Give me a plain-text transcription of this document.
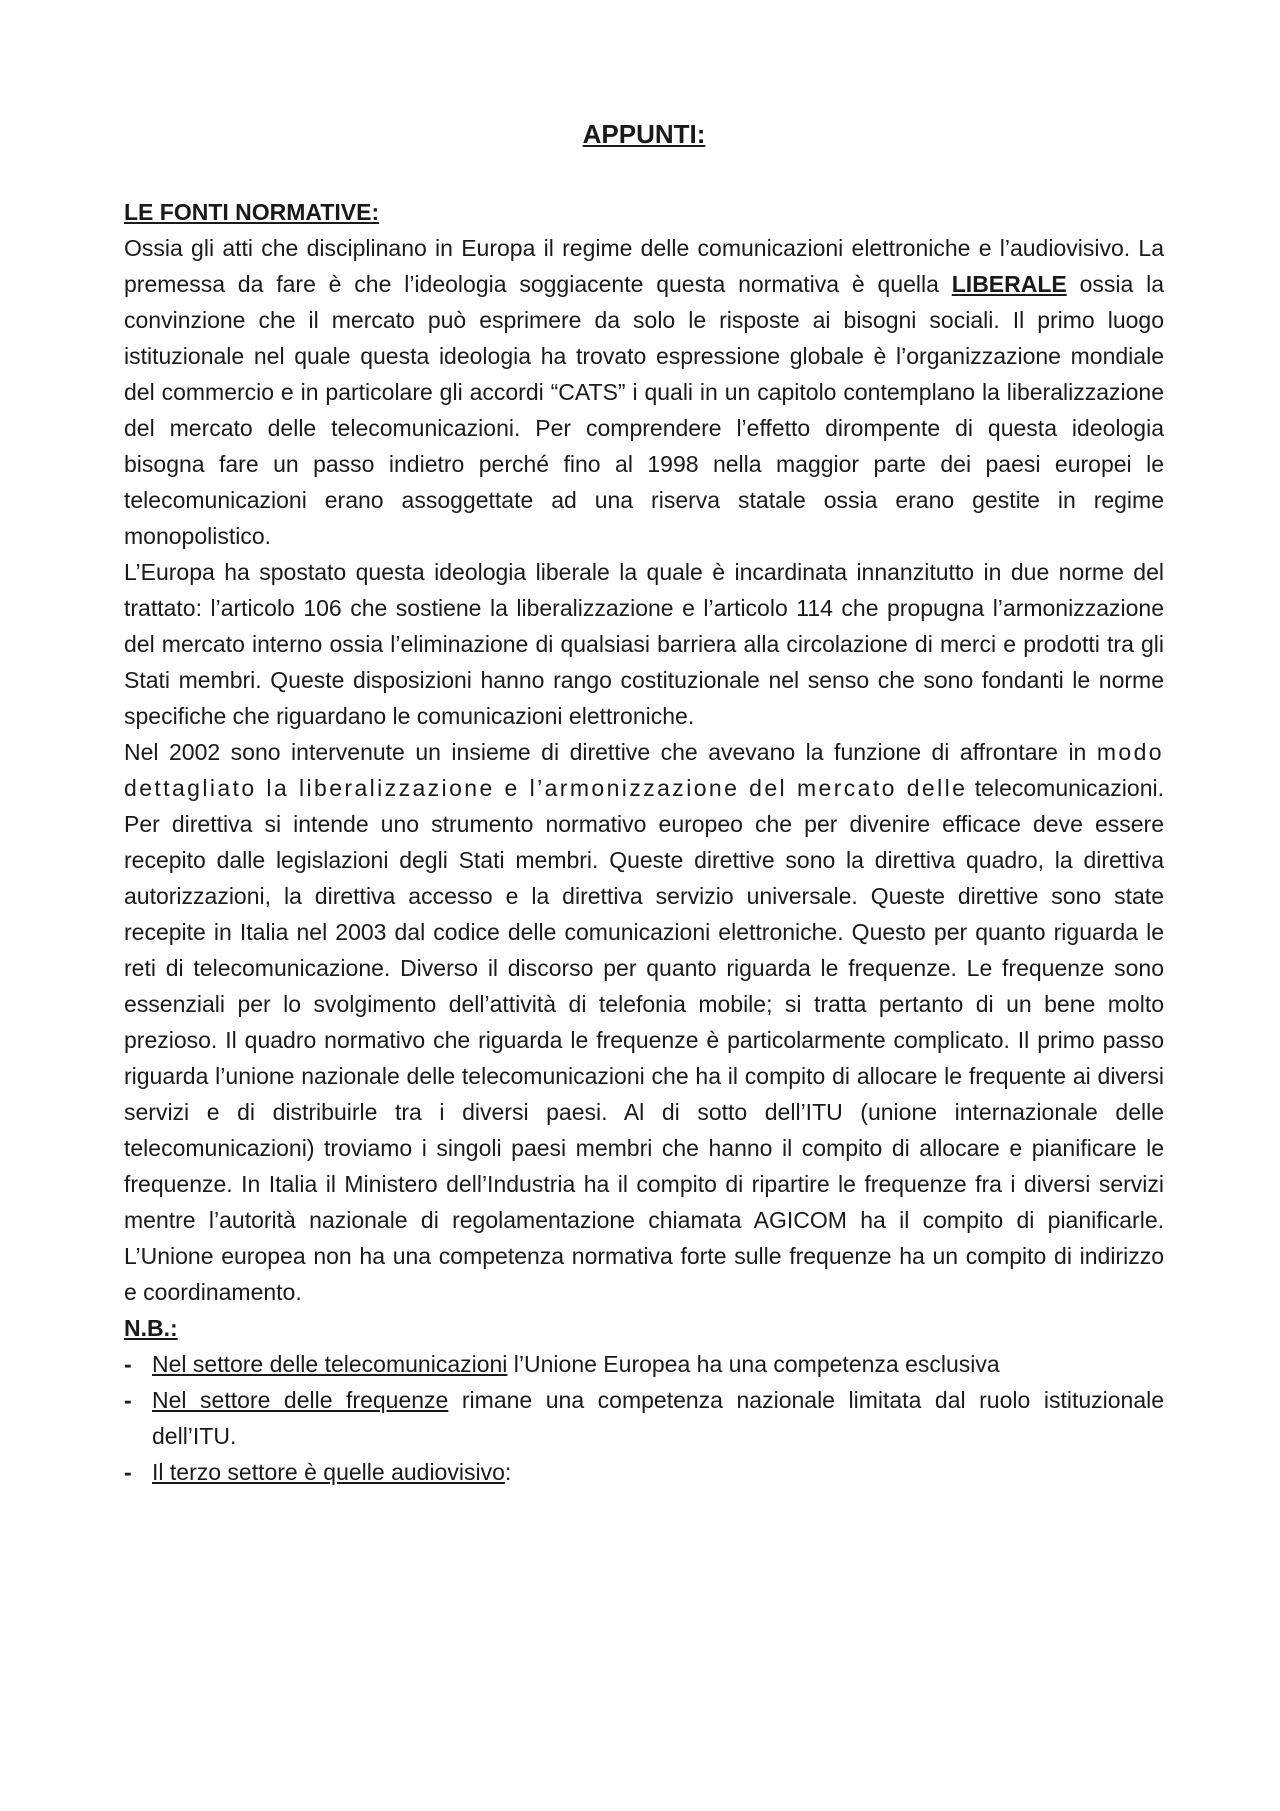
APPUNTI:
LE FONTI NORMATIVE:

Ossia gli atti che disciplinano in Europa il regime delle comunicazioni elettroniche e l’audiovisivo. La premessa da fare è che l’ideologia soggiacente questa normativa è quella LIBERALE ossia la convinzione che il mercato può esprimere da solo le risposte ai bisogni sociali. Il primo luogo istituzionale nel quale questa ideologia ha trovato espressione globale è l’organizzazione mondiale del commercio e in particolare gli accordi “CATS” i quali in un capitolo contemplano la liberalizzazione del mercato delle telecomunicazioni. Per comprendere l’effetto dirompente di questa ideologia bisogna fare un passo indietro perché fino al 1998 nella maggior parte dei paesi europei le telecomunicazioni erano assoggettate ad una riserva statale ossia erano gestite in regime monopolistico.

L’Europa ha spostato questa ideologia liberale la quale è incardinata innanzitutto in due norme del trattato: l’articolo 106 che sostiene la liberalizzazione e l’articolo 114 che propugna l’armonizzazione del mercato interno ossia l’eliminazione di qualsiasi barriera alla circolazione di merci e prodotti tra gli Stati membri. Queste disposizioni hanno rango costituzionale nel senso che sono fondanti le norme specifiche che riguardano le comunicazioni elettroniche.

Nel 2002 sono intervenute un insieme di direttive che avevano la funzione di affrontare in modo dettagliato la liberalizzazione e l’armonizzazione del mercato delle telecomunicazioni. Per direttiva si intende uno strumento normativo europeo che per divenire efficace deve essere recepito dalle legislazioni degli Stati membri. Queste direttive sono la direttiva quadro, la direttiva autorizzazioni, la direttiva accesso e la direttiva servizio universale. Queste direttive sono state recepite in Italia nel 2003 dal codice delle comunicazioni elettroniche. Questo per quanto riguarda le reti di telecomunicazione. Diverso il discorso per quanto riguarda le frequenze. Le frequenze sono essenziali per lo svolgimento dell’attività di telefonia mobile; si tratta pertanto di un bene molto prezioso. Il quadro normativo che riguarda le frequenze è particolarmente complicato. Il primo passo riguarda l’unione nazionale delle telecomunicazioni che ha il compito di allocare le frequente ai diversi servizi e di distribuirle tra i diversi paesi. Al di sotto dell’ITU (unione internazionale delle telecomunicazioni) troviamo i singoli paesi membri che hanno il compito di allocare e pianificare le frequenze. In Italia il Ministero dell’Industria ha il compito di ripartire le frequenze fra i diversi servizi mentre l’autorità nazionale di regolamentazione chiamata AGICOM ha il compito di pianificarle. L’Unione europea non ha una competenza normativa forte sulle frequenze ha un compito di indirizzo e coordinamento.

N.B.:
- Nel settore delle telecomunicazioni l’Unione Europea ha una competenza esclusiva
- Nel settore delle frequenze rimane una competenza nazionale limitata dal ruolo istituzionale dell’ITU.
- Il terzo settore è quelle audiovisivo:
